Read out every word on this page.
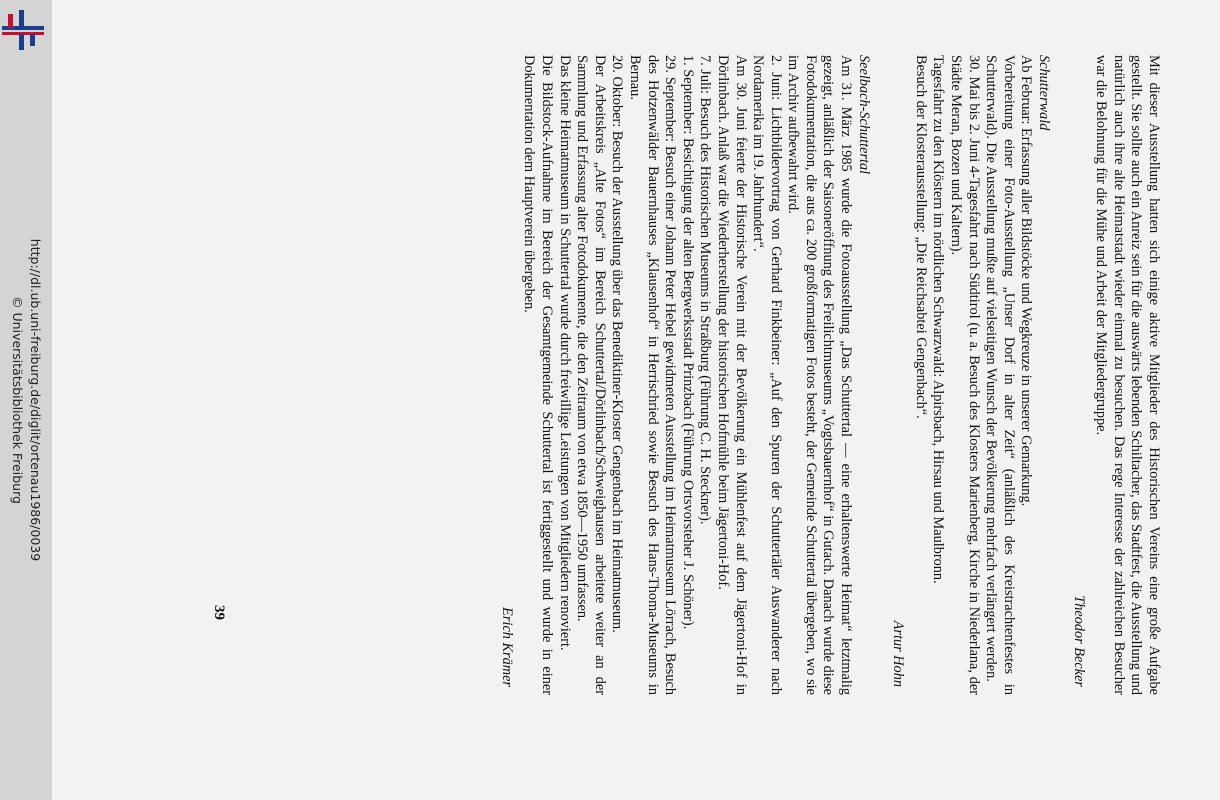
http://dl.ub.uni-freiburg.de/diglit/ortenau1986/0039
© Universitätsbibliothek Freiburg	Mit dieser Ausstellung hatten sich einige aktive Mitglieder des Historischen Vereins eine große Aufgabe gestellt. Sie sollte auch ein Anreiz sein für die auswärts lebenden Schiltacher, das Stadtfest, die Ausstellung und natürlich auch ihre alte Heimatstadt wieder einmal zu besuchen. Das rege Interesse der zahlreichen Besucher war die Belohnung für die Mühe und Arbeit der Mitgliedergruppe.

Theodor Becker

Schutterwald

Ab Februar: Erfassung aller Bildstöcke und Wegkreuze in unserer Gemarkung.

Vorbereitung einer Foto-Ausstellung „Unser Dorf in alter Zeit“ (anläßlich des Kreistrachtenfestes in Schutterwald). Die Ausstellung mußte auf vielseitigen Wunsch der Bevölkerung mehrfach verlängert werden.

30. Mai bis 2. Juni 4-Tagesfahrt nach Südtirol (u. a. Besuch des Klosters Marienberg, Kirche in Niederlana, der Städte Meran, Bozen und Kaltern).

Tagesfahrt zu den Klöstern im nördlichen Schwarzwald: Alpirsbach, Hirsau und Maulbronn.

Besuch der Klosterausstellung: „Die Reichsabtei Gengenbach“.

Artur Hohn

Seelbach-Schuttertal

Am 31. März 1985 wurde die Fotoausstellung „Das Schuttertal — eine erhaltenswerte Heimat“ letztmalig gezeigt, anläßlich der Saisoneröffnung des Freilichtmuseums „Vogtsbauernhof“ in Gutach. Danach wurde diese Fotodokumentation, die aus ca. 200 großformatigen Fotos besteht, der Gemeinde Schuttertal übergeben, wo sie im Archiv aufbewahrt wird.

2. Juni: Lichtbildervortrag von Gerhard Finkbeiner: „Auf den Spuren der Schuttertäler Auswanderer nach Nordamerika im 19. Jahrhundert“.

Am 30. Juni feierte der Historische Verein mit der Bevölkerung ein Mühlenfest auf dem Jägertoni-Hof in Dörlinbach. Anlaß war die Wiederherstellung der historischen Hofmühle beim Jägertoni-Hof.

7. Juli: Besuch des Historischen Museums in Straßburg (Führung C. H. Steckner).

1. September: Besichtigung der alten Bergwerksstadt Prinzbach (Führung Ortsvorsteher J. Schöner).

29. September: Besuch einer Johann Peter Hebel gewidmeten Ausstellung im Heimatmuseum Lörrach, Besuch des Hotzenwälder Bauernhauses „Klausenhof“ in Herrischried sowie Besuch des Hans-Thoma-Museums in Bernau.

20. Oktober: Besuch der Ausstellung über das Benediktiner-Kloster Gengenbach im Heimatmuseum.

Der Arbeitskreis „Alte Fotos“ im Bereich Schuttertal/Dörlinbach/Schweighausen arbeitete weiter an der Sammlung und Erfassung alter Fotodokumente, die den Zeitraum von etwa 1850—1950 umfassen.

Das kleine Heimatmuseum in Schuttertal wurde durch freiwillige Leistungen von Mitgliedern renoviert.

Die Bildstock-Aufnahme im Bereich der Gesamtgemeinde Schuttertal ist fertiggestellt und wurde in einer Dokumentation dem Hauptverein übergeben.

Erich Krämer

39
